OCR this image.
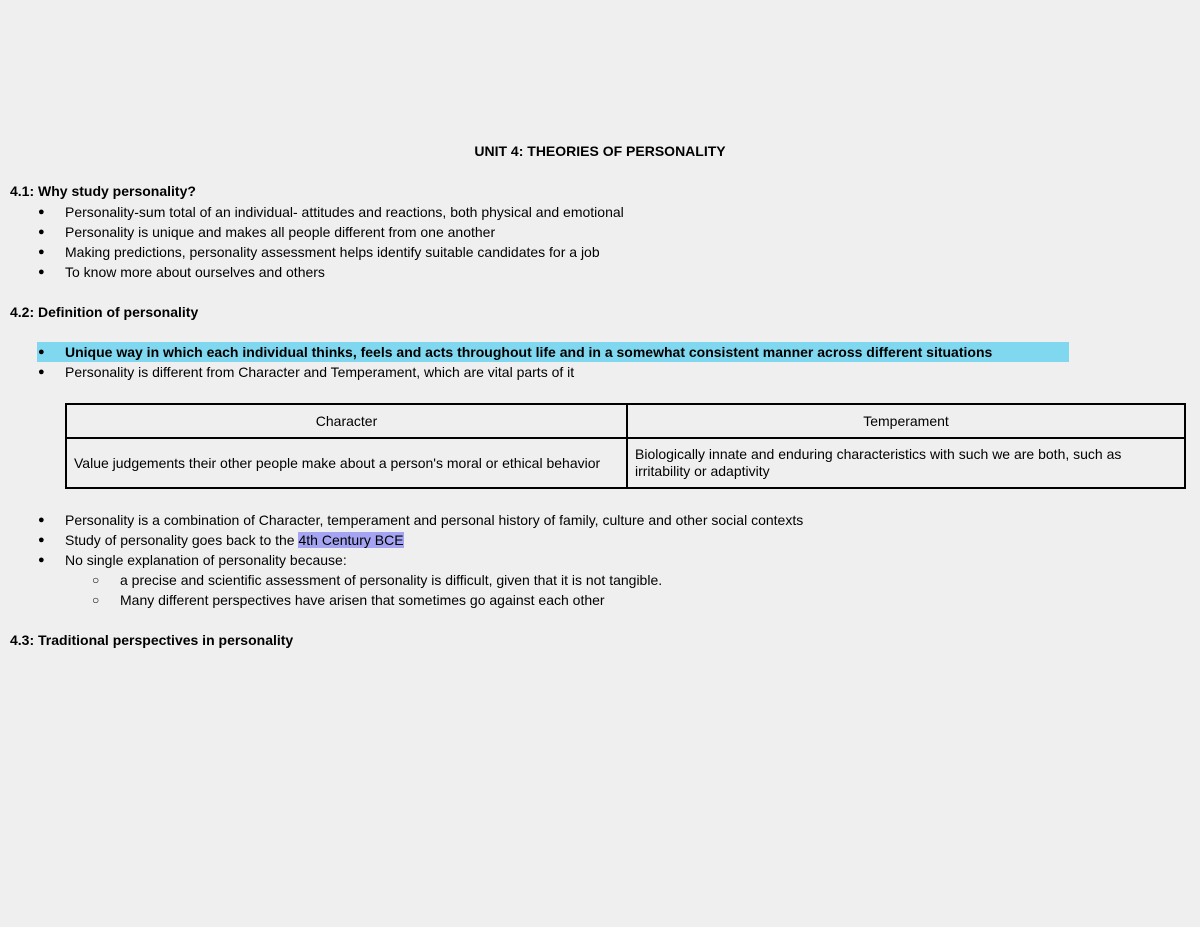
UNIT 4: THEORIES OF PERSONALITY
4.1: Why study personality?
● Personality-sum total of an individual- attitudes and reactions, both physical and emotional
● Personality is unique and makes all people different from one another
● Making predictions, personality assessment helps identify suitable candidates for a job
● To know more about ourselves and others
4.2: Definition of personality
● Unique way in which each individual thinks, feels and acts throughout life and in a somewhat consistent manner across different situations
● Personality is different from Character and Temperament, which are vital parts of it
Character	Temperament
Value judgements their other people make about a person's moral or ethical behavior	Biologically innate and enduring characteristics with such we are both, such as irritability or adaptivity
● Personality is a combination of Character, temperament and personal history of family, culture and other social contexts
● Study of personality goes back to the 4th Century BCE
● No single explanation of personality because:
○ a precise and scientific assessment of personality is difficult, given that it is not tangible.
○ Many different perspectives have arisen that sometimes go against each other
4.3: Traditional perspectives in personality
